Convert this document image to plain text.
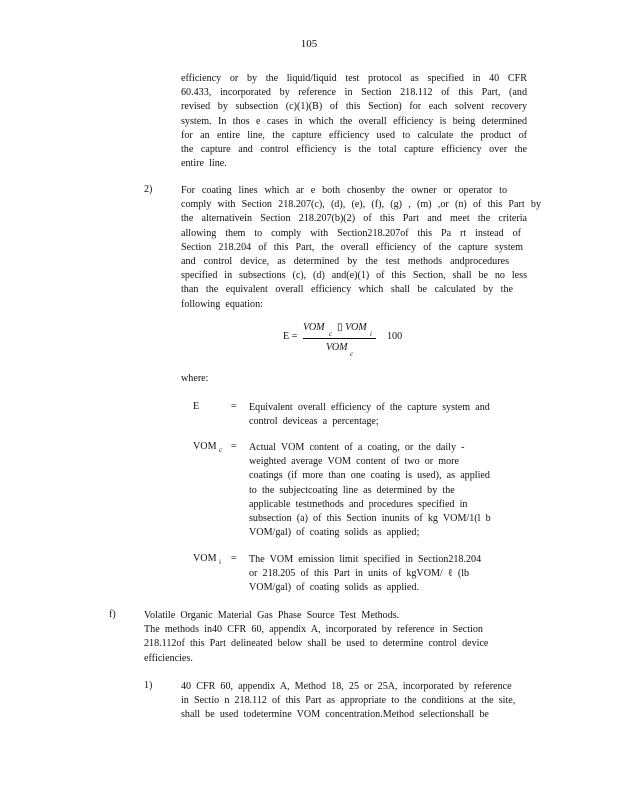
105
efficiency or by the liquid/liquid test protocol as specified in 40 CFR
60.433, incorporated by reference in Section 218.112 of this Part, (and
revised by subsection (c)(1)(B) of this Section) for each solvent recovery
system. In thos e cases in which the overall efficiency is being determined
for an entire line, the capture efficiency used to calculate the product of
the capture and control efficiency is the total capture efficiency over the
entire line.
2)	For coating lines which ar e both chosenby the owner or operator to
comply with Section 218.207(c), (d), (e), (f), (g) , (m) ,or (n) of this Part by
the alternativein Section 218.207(b)(2) of this Part and meet the criteria
allowing them to comply with Section218.207of this Pa rt instead of
Section 218.204 of this Part, the overall efficiency of the capture system
and control device, as determined by the test methods andprocedures
specified in subsections (c), (d) and(e)(1) of this Section, shall be no less
than the equivalent overall efficiency which shall be calculated by the
following equation:
E =
VOM
c
▯ VOM
i
VOM
c
100
where:
E	= Equivalent overall efficiency of the capture system and
control deviceas a percentage;
VOM c = Actual VOM content of a coating, or the daily -
weighted average VOM content of two or more
coatings (if more than one coating is used), as applied
to the subjectcoating line as determined by the
applicable testmethods and procedures specified in
subsection (a) of this Section inunits of kg VOM/1(l b
VOM/gal) of coating solids as applied;
VOM i = The VOM emission limit specified in Section218.204
or 218.205 of this Part in units of kgVOM/ ℓ (lb
VOM/gal) of coating solids as applied.
f)	Volatile Organic Material Gas Phase Source Test Methods.
The methods in40 CFR 60, appendix A, incorporated by reference in Section
218.112of this Part delineated below shall be used to determine control device
efficiencies.
1)	40 CFR 60, appendix A, Method 18, 25 or 25A, incorporated by reference
in Sectio n 218.112 of this Part as appropriate to the conditions at the site,
shall be used todetermine VOM concentration.Method selectionshall be
